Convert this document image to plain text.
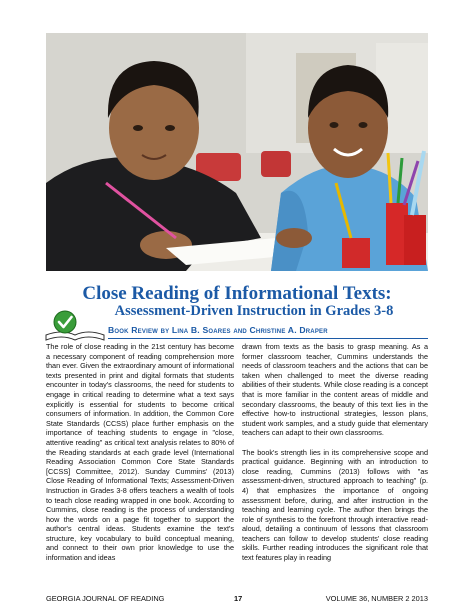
Close Reading of Informational Texts:
Assessment-Driven Instruction in Grades 3-8
Book Review by Lina B. Soares and Christine A. Draper

The role of close reading in the 21st century has become a necessary component of reading comprehension more than ever. Given the extraordinary amount of informational texts presented in print and digital formats that students encounter in today's classrooms, the need for students to engage in critical reading to determine what a text says explicitly is essential for students to become critical consumers of information. In addition, the Common Core State Standards (CCSS) place further emphasis on the importance of teaching students to engage in "close, attentive reading" as critical text analysis relates to 80% of the Reading standards at each grade level (International Reading Association Common Core State Standards [CCSS] Committee, 2012). Sunday Cummins' (2013) Close Reading of Informational Texts; Assessment-Driven Instruction in Grades 3-8 offers teachers a wealth of tools to teach close reading wrapped in one book. According to Cummins, close reading is the process of understanding how the words on a page fit together to support the author's central ideas. Students examine the text's structure, key vocabulary to build conceptual meaning, and connect to their own prior knowledge to use the information and ideas

drawn from texts as the basis to grasp meaning. As a former classroom teacher, Cummins understands the needs of classroom teachers and the actions that can be taken when challenged to meet the diverse reading abilities of their students. While close reading is a concept that is more familiar in the content areas of middle and secondary classrooms, the beauty of this text lies in the effective how-to instructional strategies, lesson plans, student work samples, and a study guide that elementary teachers can adapt to their own classrooms.

The book's strength lies in its comprehensive scope and practical guidance. Beginning with an introduction to close reading, Cummins (2013) follows with "as assessment-driven, structured approach to teaching" (p. 4) that emphasizes the importance of ongoing assessment before, during, and after instruction in the teaching and learning cycle. The author then brings the role of synthesis to the forefront through interactive read-aloud, detailing a continuum of lessons that classroom teachers can follow to develop students' close reading skills. Further reading introduces the significant role that text features play in reading

GEORGIA JOURNAL OF READING	17	VOLUME 36, NUMBER 2 2013
